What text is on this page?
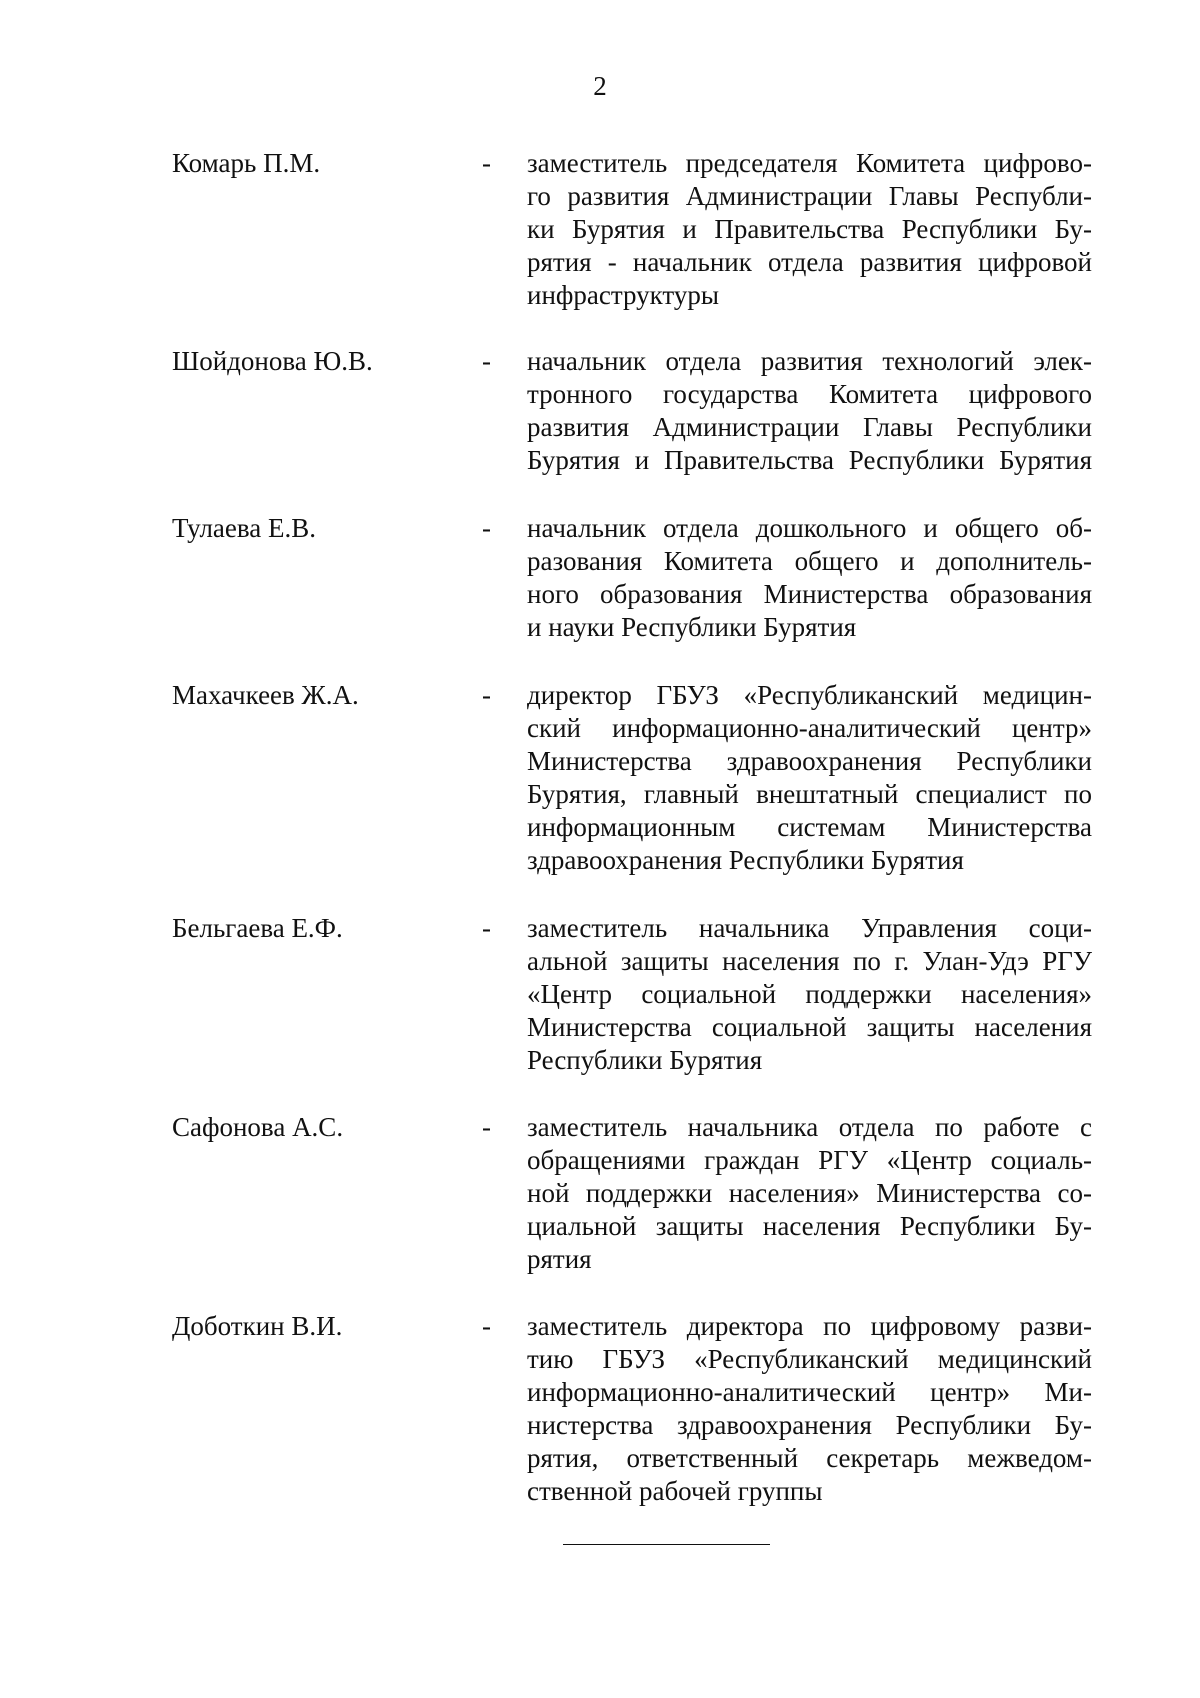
2
Комарь П.М.	- заместитель председателя Комитета цифрово-
го развития Администрации Главы Республи-
ки Бурятия и Правительства Республики Бу-
рятия - начальник отдела развития цифровой
инфраструктуры
Шойдонова Ю.В.	- начальник отдела развития технологий элек-
тронного государства Комитета цифрового
развития Администрации Главы Республики
Бурятия и Правительства Республики Бурятия
Тулаева Е.В.	- начальник отдела дошкольного и общего об-
разования Комитета общего и дополнитель-
ного образования Министерства образования
и науки Республики Бурятия
Махачкеев Ж.А.	- директор ГБУЗ «Республиканский медицин-
ский информационно-аналитический центр»
Министерства здравоохранения Республики
Бурятия, главный внештатный специалист по
информационным системам Министерства
здравоохранения Республики Бурятия
Бельгаева Е.Ф.	- заместитель начальника Управления соци-
альной защиты населения по г. Улан-Удэ РГУ
«Центр социальной поддержки населения»
Министерства социальной защиты населения
Республики Бурятия
Сафонова А.С.	- заместитель начальника отдела по работе с
обращениями граждан РГУ «Центр социаль-
ной поддержки населения» Министерства со-
циальной защиты населения Республики Бу-
рятия
Доботкин В.И.	- заместитель директора по цифровому разви-
тию ГБУЗ «Республиканский медицинский
информационно-аналитический центр» Ми-
нистерства здравоохранения Республики Бу-
рятия, ответственный секретарь межведом-
ственной рабочей группы
